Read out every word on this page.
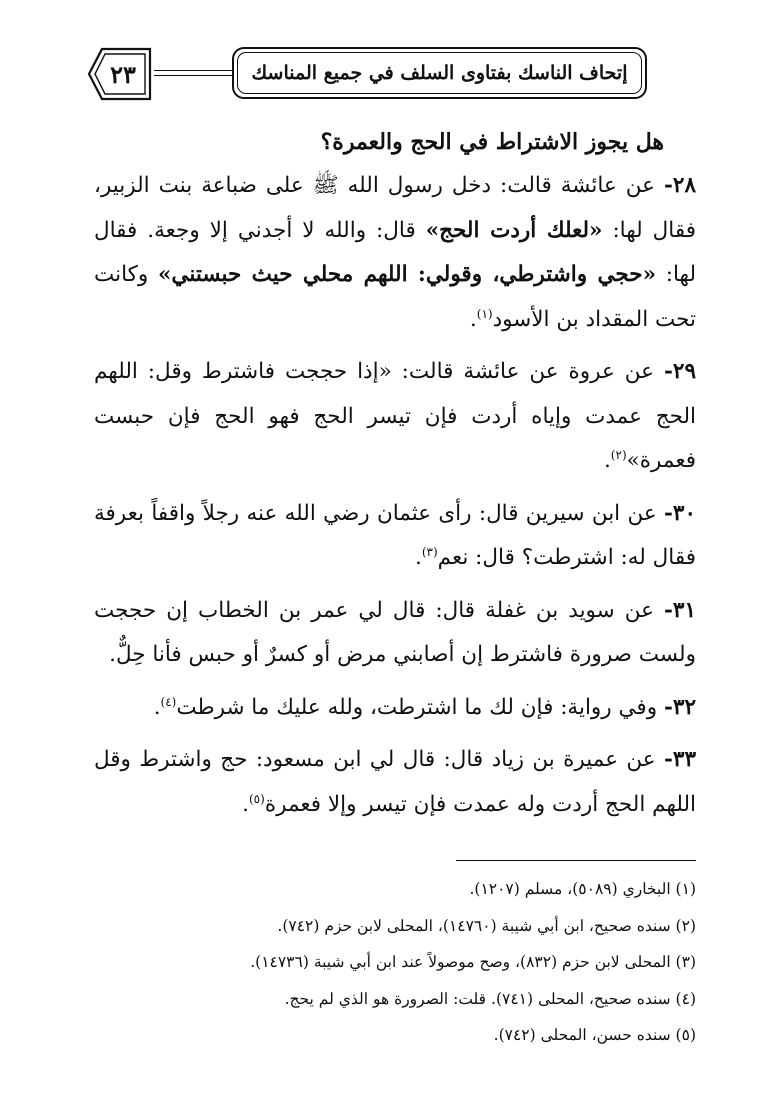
٢٣	إتحاف الناسك بفتاوى السلف في جميع المناسك
هل يجوز الاشتراط في الحج والعمرة؟

٢٨- عن عائشة قالت: دخل رسول الله ﷺ على ضباعة بنت الزبير، فقال لها: «لعلك أردت الحج» قال: والله لا أجدني إلا وجعة. فقال لها: «حجي واشترطي، وقولي: اللهم محلي حيث حبستني» وكانت تحت المقداد بن الأسود$^{(١)}$.

٢٩- عن عروة عن عائشة قالت: «إذا حججت فاشترط وقل: اللهم الحج عمدت وإياه أردت فإن تيسر الحج فهو الحج فإن حبست فعمرة»$^{(٢)}$.

٣٠- عن ابن سيرين قال: رأى عثمان رضي الله عنه رجلاً واقفاً بعرفة فقال له: اشترطت؟ قال: نعم$^{(٣)}$.

٣١- عن سويد بن غفلة قال: قال لي عمر بن الخطاب إن حججت ولست صرورة فاشترط إن أصابني مرض أو كسرٌ أو حبس فأنا حِلٌّ.

٣٢- وفي رواية: فإن لك ما اشترطت، ولله عليك ما شرطت$^{(٤)}$.

٣٣- عن عميرة بن زياد قال: قال لي ابن مسعود: حج واشترط وقل اللهم الحج أردت وله عمدت فإن تيسر وإلا فعمرة$^{(٥)}$.

(١) البخاري (٥٠٨٩)، مسلم (١٢٠٧).

(٢) سنده صحيح، ابن أبي شيبة (١٤٧٦٠)، المحلى لابن حزم (٧٤٢).

(٣) المحلى لابن حزم (٨٣٢)، وصح موصولاً عند ابن أبي شيبة (١٤٧٣٦).

(٤) سنده صحيح، المحلى (٧٤١). قلت: الصرورة هو الذي لم يحج.

(٥) سنده حسن، المحلى (٧٤٢).
